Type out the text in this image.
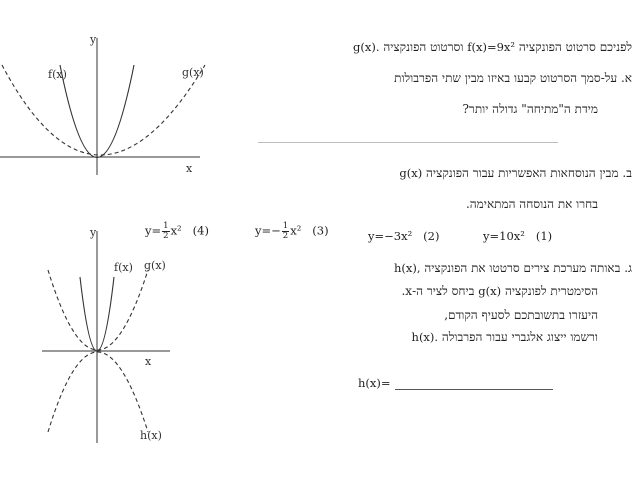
y
x
f(x)	g(x)
y
x
f(x) g(x)
h(x)
לפניכם סרטוט הפונקציה f(x)=9x² וסרטוט הפונקציה g(x).
א. על-סמך הסרטוט קבעו באיזו מבין שתי הפרבולות
מידת ה"מתיחה" גדולה יותר?
ב. מבין הנוסחאות האפשריות עבור הפונקציה g(x)
בחרו את הנוסחה המתאימה.
y=10x² (1)
y=−3x² (2)
$y=- \frac{1}{2} x^2$ (3)
$y= \frac{1}{2} x^2$ (4)
ג. באותה מערכת צירים סרטטו את הפונקציה h(x),
הסימטרית לפונקציה g(x) ביחס לציר ה-x.
היעזרו בתשובתכם לסעיף הקודם,
ורשמו ייצוג אלגברי עבור הפרבולה h(x).
h(x)=
